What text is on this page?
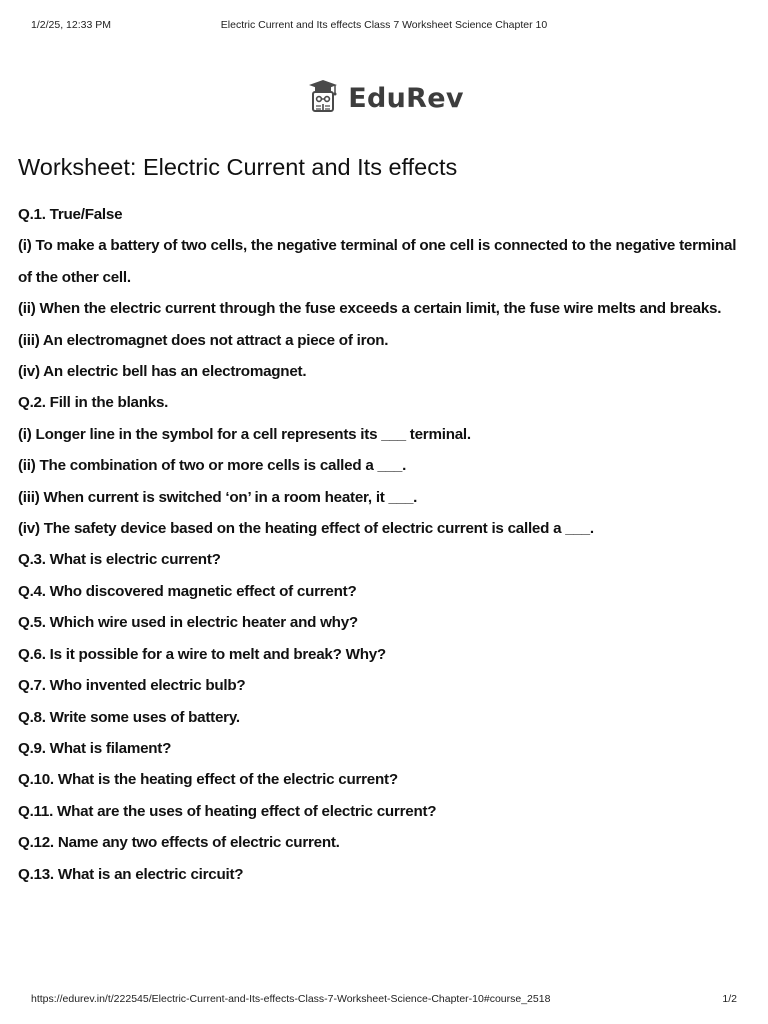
1/2/25, 12:33 PM	Electric Current and Its effects Class 7 Worksheet Science Chapter 10
EduRev
Worksheet: Electric Current and Its effects
Q.1. True/False
(i) To make a battery of two cells, the negative terminal of one cell is connected to the negative terminal of the other cell.
(ii) When the electric current through the fuse exceeds a certain limit, the fuse wire melts and breaks.
(iii) An electromagnet does not attract a piece of iron.
(iv) An electric bell has an electromagnet.
Q.2. Fill in the blanks.
(i) Longer line in the symbol for a cell represents its ___ terminal.
(ii) The combination of two or more cells is called a ___.
(iii) When current is switched ‘on’ in a room heater, it ___.
(iv) The safety device based on the heating effect of electric current is called a ___.
Q.3. What is electric current?
Q.4. Who discovered magnetic effect of current?
Q.5. Which wire used in electric heater and why?
Q.6. Is it possible for a wire to melt and break? Why?
Q.7. Who invented electric bulb?
Q.8. Write some uses of battery.
Q.9. What is filament?
Q.10. What is the heating effect of the electric current?
Q.11. What are the uses of heating effect of electric current?
Q.12. Name any two effects of electric current.
Q.13. What is an electric circuit?
https://edurev.in/t/222545/Electric-Current-and-Its-effects-Class-7-Worksheet-Science-Chapter-10#course_2518	1/2
